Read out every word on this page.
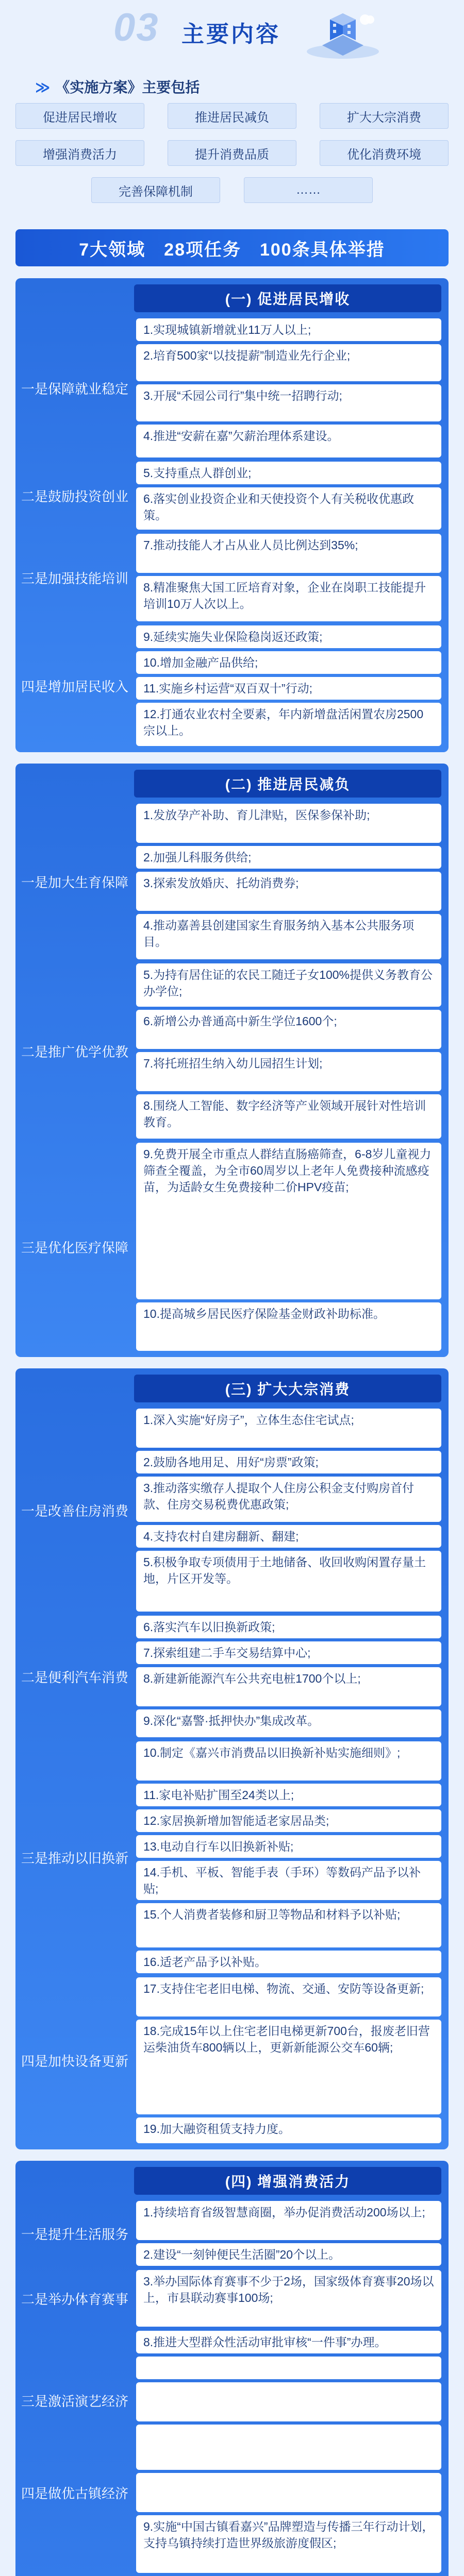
03 主要内容
≫ 《实施方案》主要包括
促进居民增收	推进居民减负	扩大大宗消费
增强消费活力	提升消费品质	优化消费环境
完善保障机制	……
7大领域　28项任务　100条具体举措
(一) 促进居民增收
一是保障就业稳定
1.实现城镇新增就业11万人以上;
2.培育500家“以技提薪”制造业先行企业;
3.开展“禾园公司行”集中统一招聘行动;
4.推进“安薪在嘉”欠薪治理体系建设。
二是鼓励投资创业
5.支持重点人群创业;
6.落实创业投资企业和天使投资个人有关税收优惠政策。
三是加强技能培训
7.推动技能人才占从业人员比例达到35%;
8.精准聚焦大国工匠培育对象，企业在岗职工技能提升培训10万人次以上。
四是增加居民收入
9.延续实施失业保险稳岗返还政策;
10.增加金融产品供给;
11.实施乡村运营“双百双十”行动;
12.打通农业农村全要素，年内新增盘活闲置农房2500宗以上。
(二) 推进居民减负
一是加大生育保障
1.发放孕产补助、育儿津贴，医保参保补助;
2.加强儿科服务供给;
3.探索发放婚庆、托幼消费券;
4.推动嘉善县创建国家生育服务纳入基本公共服务项目。
二是推广优学优教
5.为持有居住证的农民工随迁子女100%提供义务教育公办学位;
6.新增公办普通高中新生学位1600个;
7.将托班招生纳入幼儿园招生计划;
8.围绕人工智能、数字经济等产业领域开展针对性培训教育。
三是优化医疗保障
9.免费开展全市重点人群结直肠癌筛查，6-8岁儿童视力筛查全覆盖，为全市60周岁以上老年人免费接种流感疫苗，为适龄女生免费接种二价HPV疫苗;
10.提高城乡居民医疗保险基金财政补助标准。
(三) 扩大大宗消费
一是改善住房消费
1.深入实施“好房子”，立体生态住宅试点;
2.鼓励各地用足、用好“房票”政策;
3.推动落实缴存人提取个人住房公积金支付购房首付款、住房交易税费优惠政策;
4.支持农村自建房翻新、翻建;
5.积极争取专项债用于土地储备、收回收购闲置存量土地，片区开发等。
二是便利汽车消费
6.落实汽车以旧换新政策;
7.探索组建二手车交易结算中心;
8.新建新能源汽车公共充电桩1700个以上;
9.深化“嘉警·抵押快办”集成改革。
三是推动以旧换新
10.制定《嘉兴市消费品以旧换新补贴实施细则》;
11.家电补贴扩围至24类以上;
12.家居换新增加智能适老家居品类;
13.电动自行车以旧换新补贴;
14.手机、平板、智能手表（手环）等数码产品予以补贴;
15.个人消费者装修和厨卫等物品和材料予以补贴;
16.适老产品予以补贴。
四是加快设备更新
17.支持住宅老旧电梯、物流、交通、安防等设备更新;
18.完成15年以上住宅老旧电梯更新700台，报废老旧营运柴油货车800辆以上，更新新能源公交车60辆;
19.加大融资租赁支持力度。
(四) 增强消费活力
一是提升生活服务
1.持续培育省级智慧商圈，举办促消费活动200场以上;
2.建设“一刻钟便民生活圈”20个以上。
二是举办体育赛事
3.举办国际体育赛事不少于2场，国家级体育赛事20场以上，市县联动赛事100场;
三是激活演艺经济
8.推进大型群众性活动审批审核“一件事”办理。
四是做优古镇经济
9.实施“中国古镇看嘉兴”品牌塑造与传播三年行动计划，支持乌镇持续打造世界级旅游度假区;
